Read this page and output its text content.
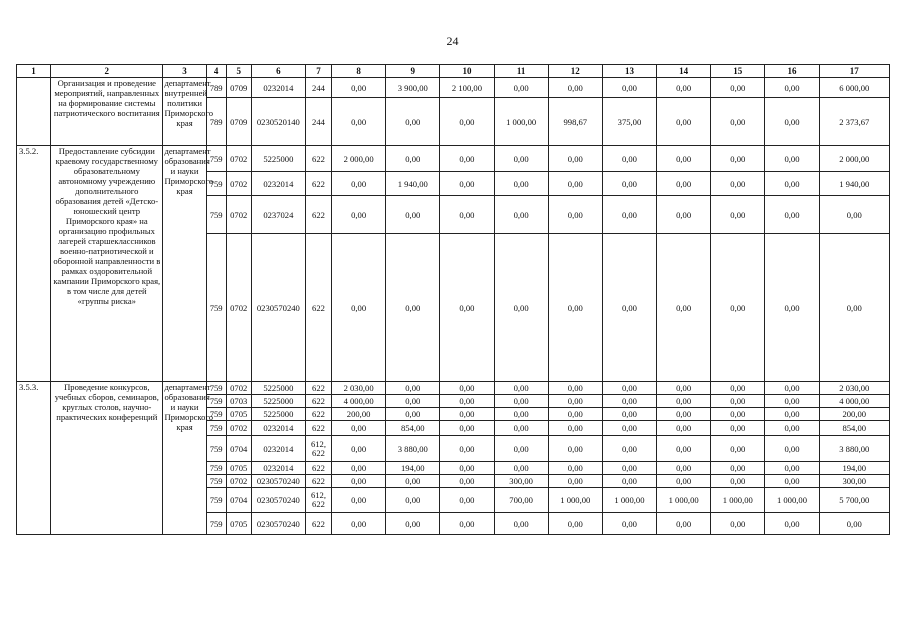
24
1	2	3	4	5	6	7	8	9	10	11	12	13	14	15	16	17
	Организация и проведение мероприятий, направленных на формирование системы патриотического воспитания	департамент внутренней политики Приморского края	789	0709	0232014	244	0,00	3 900,00	2 100,00	0,00	0,00	0,00	0,00	0,00	0,00	6 000,00
			789	0709	0230520140	244	0,00	0,00	0,00	1 000,00	998,67	375,00	0,00	0,00	0,00	2 373,67
3.5.2.	Предоставление субсидии краевому государственному образовательному автономному учреждению дополнительного образования детей «Детско-юношеский центр Приморского края» на организацию профильных лагерей старшеклассников военно-патриотической и оборонной направленности в рамках оздоровительной кампании Приморского края, в том числе для детей «группы риска»	департамент образования и науки Приморского края	759	0702	5225000	622	2 000,00	0,00	0,00	0,00	0,00	0,00	0,00	0,00	0,00	2 000,00
			759	0702	0232014	622	0,00	1 940,00	0,00	0,00	0,00	0,00	0,00	0,00	0,00	1 940,00
			759	0702	0237024	622	0,00	0,00	0,00	0,00	0,00	0,00	0,00	0,00	0,00	0,00
			759	0702	0230570240	622	0,00	0,00	0,00	0,00	0,00	0,00	0,00	0,00	0,00	0,00
3.5.3.	Проведение конкурсов, учебных сборов, семинаров, круглых столов, научно-практических конференций	департамент образования и науки Приморского края	759	0702	5225000	622	2 030,00	0,00	0,00	0,00	0,00	0,00	0,00	0,00	0,00	2 030,00
			759	0703	5225000	622	4 000,00	0,00	0,00	0,00	0,00	0,00	0,00	0,00	0,00	4 000,00
			759	0705	5225000	622	200,00	0,00	0,00	0,00	0,00	0,00	0,00	0,00	0,00	200,00
			759	0702	0232014	622	0,00	854,00	0,00	0,00	0,00	0,00	0,00	0,00	0,00	854,00
			759	0704	0232014	612, 622	0,00	3 880,00	0,00	0,00	0,00	0,00	0,00	0,00	0,00	3 880,00
			759	0705	0232014	622	0,00	194,00	0,00	0,00	0,00	0,00	0,00	0,00	0,00	194,00
			759	0702	0230570240	622	0,00	0,00	0,00	300,00	0,00	0,00	0,00	0,00	0,00	300,00
			759	0704	0230570240	612, 622	0,00	0,00	0,00	700,00	1 000,00	1 000,00	1 000,00	1 000,00	1 000,00	5 700,00
			759	0705	0230570240	622	0,00	0,00	0,00	0,00	0,00	0,00	0,00	0,00	0,00	0,00
